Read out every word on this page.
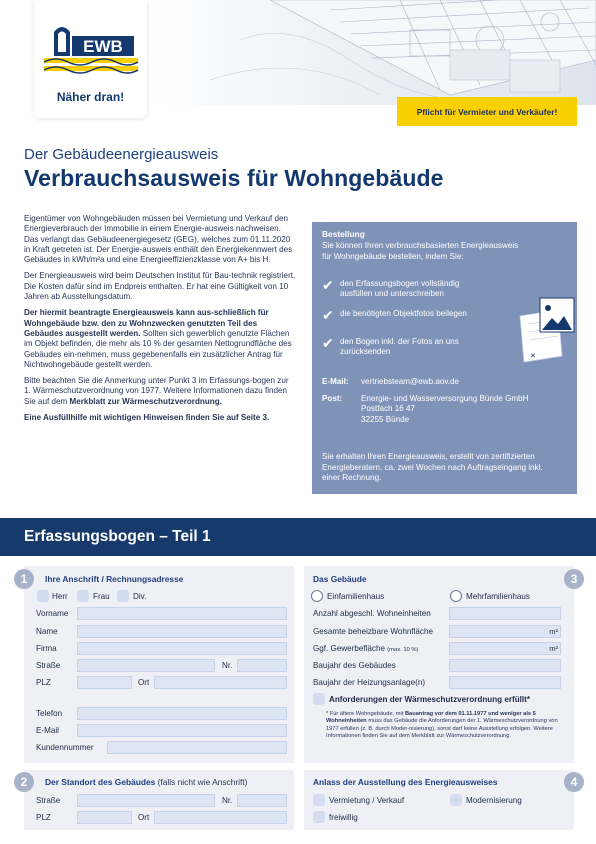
EWB
Näher dran!
Pflicht für Vermieter und Verkäufer!
Der Gebäudeenergieausweis
Verbrauchsausweis für Wohngebäude

Eigentümer von Wohngebäuden müssen bei Vermietung und Verkauf den Energieverbrauch der Immobilie in einem Energie-ausweis nachweisen. Das verlangt das Gebäudeenergiegesetz (GEG), welches zum 01.11.2020 in Kraft getreten ist. Der Energie-ausweis enthält den Energiekennwert des Gebäudes in kWh/m²a und eine Energieeffizienzklasse von A+ bis H.

Der Energieausweis wird beim Deutschen Institut für Bau-technik registriert. Die Kosten dafür sind im Endpreis enthalten. Er hat eine Gültigkeit von 10 Jahren ab Ausstellungsdatum.

Der hiermit beantragte Energieausweis kann aus-schließlich für Wohngebäude bzw. den zu Wohnzwecken genutzten Teil des Gebäudes ausgestellt werden. Sollten sich gewerblich genutzte Flächen im Objekt befinden, die mehr als 10 % der gesamten Nettogrundfläche des Gebäudes ein-nehmen, muss gegebenenfalls ein zusätzlicher Antrag für Nichtwohngebäude gestellt werden.

Bitte beachten Sie die Anmerkung unter Punkt 3 im Erfassungs-bogen zur 1. Wärmeschutzverordnung von 1977. Weitere Informationen dazu finden Sie auf dem Merkblatt zur Wärmeschutzverordnung.

Eine Ausfüllhilfe mit wichtigen Hinweisen finden Sie auf Seite 3.

Bestellung
Sie können Ihren verbrauchsbasierten Energieausweis für Wohngebäude bestellen, indem Sie:
✔ den Erfassungsbogen vollständig ausfüllen und unterschreiben
✔ die benötigten Objektfotos beilegen
✔ den Bogen inkl. der Fotos an uns zurücksenden
✕
E-Mail: vertriebsteam@ewb.aov.de
Post: Energie- und Wasserversorgung Bünde GmbH
Postfach 16 47
32255 Bünde
Sie erhalten Ihren Energieausweis, erstellt von zertifizierten Energieberatern, ca. zwei Wochen nach Auftragseingang inkl. einer Rechnung.
Erfassungsbogen – Teil 1
1	Ihre Anschrift / Rechnungsadresse
Herr	Frau	Div.
Vorname
Name
Firma
Straße	Nr.
PLZ	Ort
Telefon
E-Mail
Kundennummer
2	Der Standort des Gebäudes (falls nicht wie Anschrift)
Straße	Nr.
PLZ	Ort
3
Das Gebäude
Einfamilienhaus	Mehrfamilienhaus
Anzahl abgeschl. Wohneinheiten
Gesamte beheizbare Wohnfläche	m²
Ggf. Gewerbefläche (max. 10 %)	m²
Baujahr des Gebäudes
Baujahr der Heizungsanlage(n)
Anforderungen der Wärmeschutzverordnung erfüllt*
* Für ältere Wohngebäude, mit Bauantrag vor dem 01.11.1977 und weniger als 5 Wohneinheiten muss das Gebäude die Anforderungen der 1. Wärmeschutzverordnung von 1977 erfüllen (z. B. durch Moder-nisierung), sonst darf keine Ausstellung erfolgen. Weitere Informationen finden Sie auf dem Merkblatt zur Wärmeschutzverordnung.
4
Anlass der Ausstellung des Energieausweises
Vermietung / Verkauf	Modernisierung
freiwillig
